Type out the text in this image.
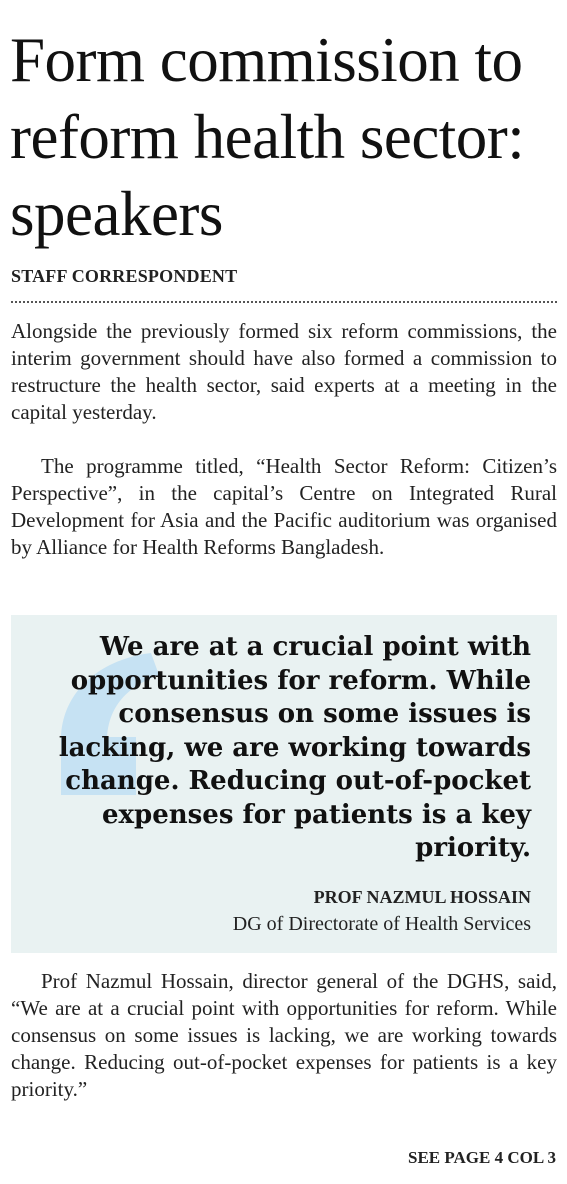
Form commission to reform health sector: speakers
STAFF CORRESPONDENT

Alongside the previously formed six reform commissions, the interim government should have also formed a commission to restructure the health sector, said experts at a meeting in the capital yesterday.

The programme titled, “Health Sector Reform: Citizen’s Perspective”, in the capital’s Centre on Integrated Rural Development for Asia and the Pacific auditorium was organised by Alliance for Health Reforms Bangladesh.

We are at a crucial point with opportunities for reform. While consensus on some issues is lacking, we are working towards change. Reducing out-of-pocket expenses for patients is a key priority.

PROF NAZMUL HOSSAIN
DG of Directorate of Health Services

Prof Nazmul Hossain, director general of the DGHS, said, “We are at a crucial point with opportunities for reform. While consensus on some issues is lacking, we are working towards change. Reducing out-of-pocket expenses for patients is a key priority.”

SEE PAGE 4 COL 3
